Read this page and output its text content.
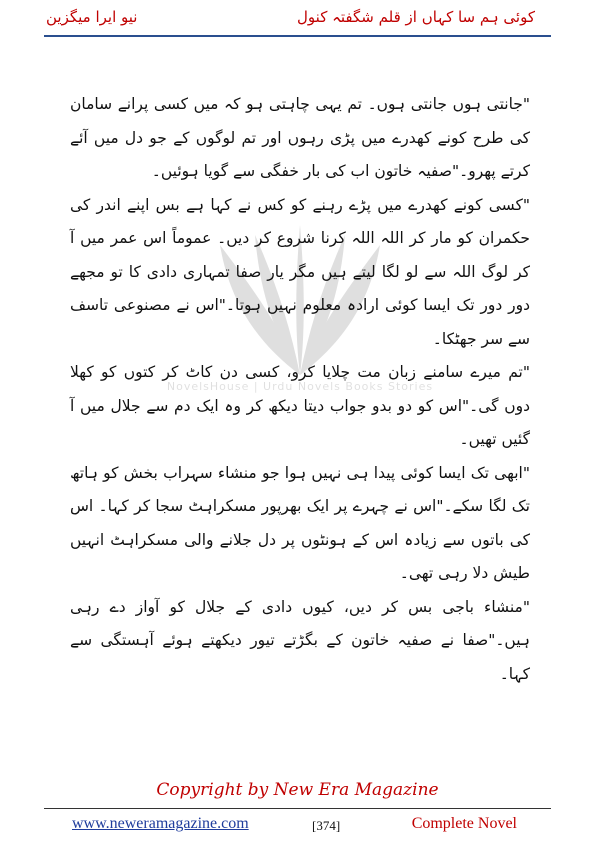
نیو ایرا میگزین	کوئی ہم سا کہاں از قلم شگفتہ کنول
NovelsHouse | Urdu Novels Books Stories

"جانتی ہوں جانتی ہوں۔ تم یہی چاہتی ہو کہ میں کسی پرانے سامان کی طرح کونے کھدرے میں پڑی رہوں اور تم لوگوں کے جو دل میں آئے کرتے پھرو۔"صفیہ خاتون اب کی بار خفگی سے گویا ہوئیں۔

"کسی کونے کھدرے میں پڑے رہنے کو کس نے کہا ہے بس اپنے اندر کی حکمران کو مار کر اللہ اللہ کرنا شروع کر دیں۔ عموماً اس عمر میں آ کر لوگ اللہ سے لو لگا لیتے ہیں مگر یار صفا تمہاری دادی کا تو مجھے دور دور تک ایسا کوئی ارادہ معلوم نہیں ہوتا۔"اس نے مصنوعی تاسف سے سر جھٹکا۔

"تم میرے سامنے زبان مت چلایا کرو، کسی دن کاٹ کر کتوں کو کھلا دوں گی۔"اس کو دو بدو جواب دیتا دیکھ کر وہ ایک دم سے جلال میں آ گئیں تھیں۔

"ابھی تک ایسا کوئی پیدا ہی نہیں ہوا جو منشاء سہراب بخش کو ہاتھ تک لگا سکے۔"اس نے چہرے پر ایک بھرپور مسکراہٹ سجا کر کہا۔ اس کی باتوں سے زیادہ اس کے ہونٹوں پر دل جلانے والی مسکراہٹ انہیں طیش دلا رہی تھی۔

"منشاء باجی بس کر دیں، کیوں دادی کے جلال کو آواز دے رہی ہیں۔"صفا نے صفیہ خاتون کے بگڑتے تیور دیکھتے ہوئے آہستگی سے کہا۔

Copyright by New Era Magazine
www.neweramagazine.com	[374]	Complete Novel
